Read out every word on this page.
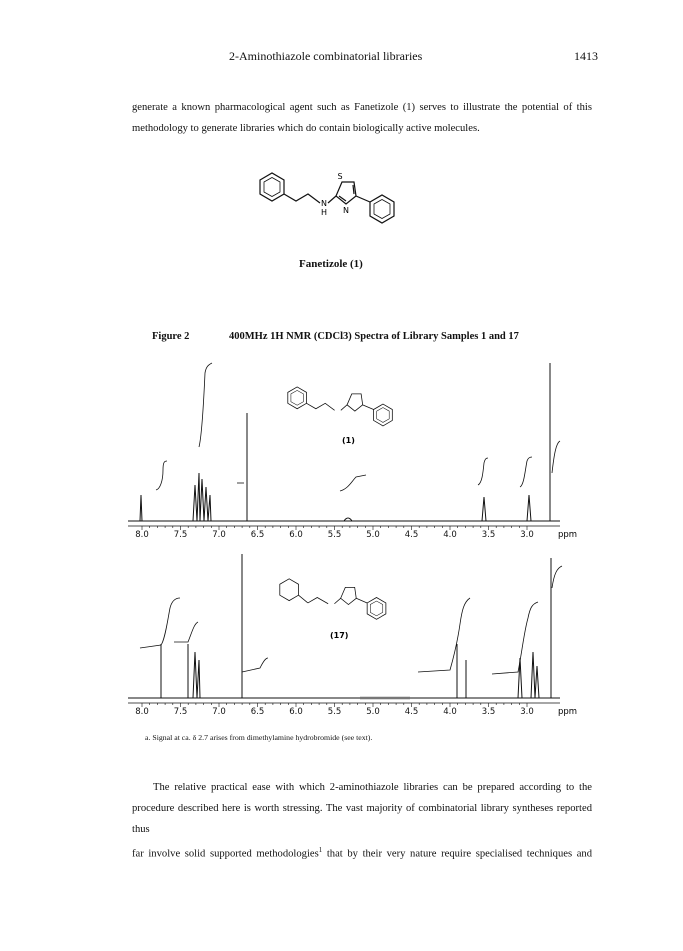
2-Aminothiazole combinatorial libraries	1413
generate a known pharmacological agent such as Fanetizole (1) serves to illustrate the potential of this
methodology to generate libraries which do contain biologically active molecules.
S
N
N
H
Fanetizole (1)
Figure 2	400MHz 1H NMR (CDCl3) Spectra of Library Samples 1 and 17
8.0	7.5	7.0	6.5	6.0	5.5	5.0	4.5	4.0	3.5	3.0	ppm
(1)
8.0	7.5	7.0	6.5	6.0	5.5	5.0	4.5	4.0	3.5	3.0	ppm
(17)
a. Signal at ca. δ 2.7 arises from dimethylamine hydrobromide (see text).
The relative practical ease with which 2-aminothiazole libraries can be prepared according to the
procedure described here is worth stressing. The vast majority of combinatorial library syntheses reported thus
far involve solid supported methodologies$^1$ that by their very nature require specialised techniques and
